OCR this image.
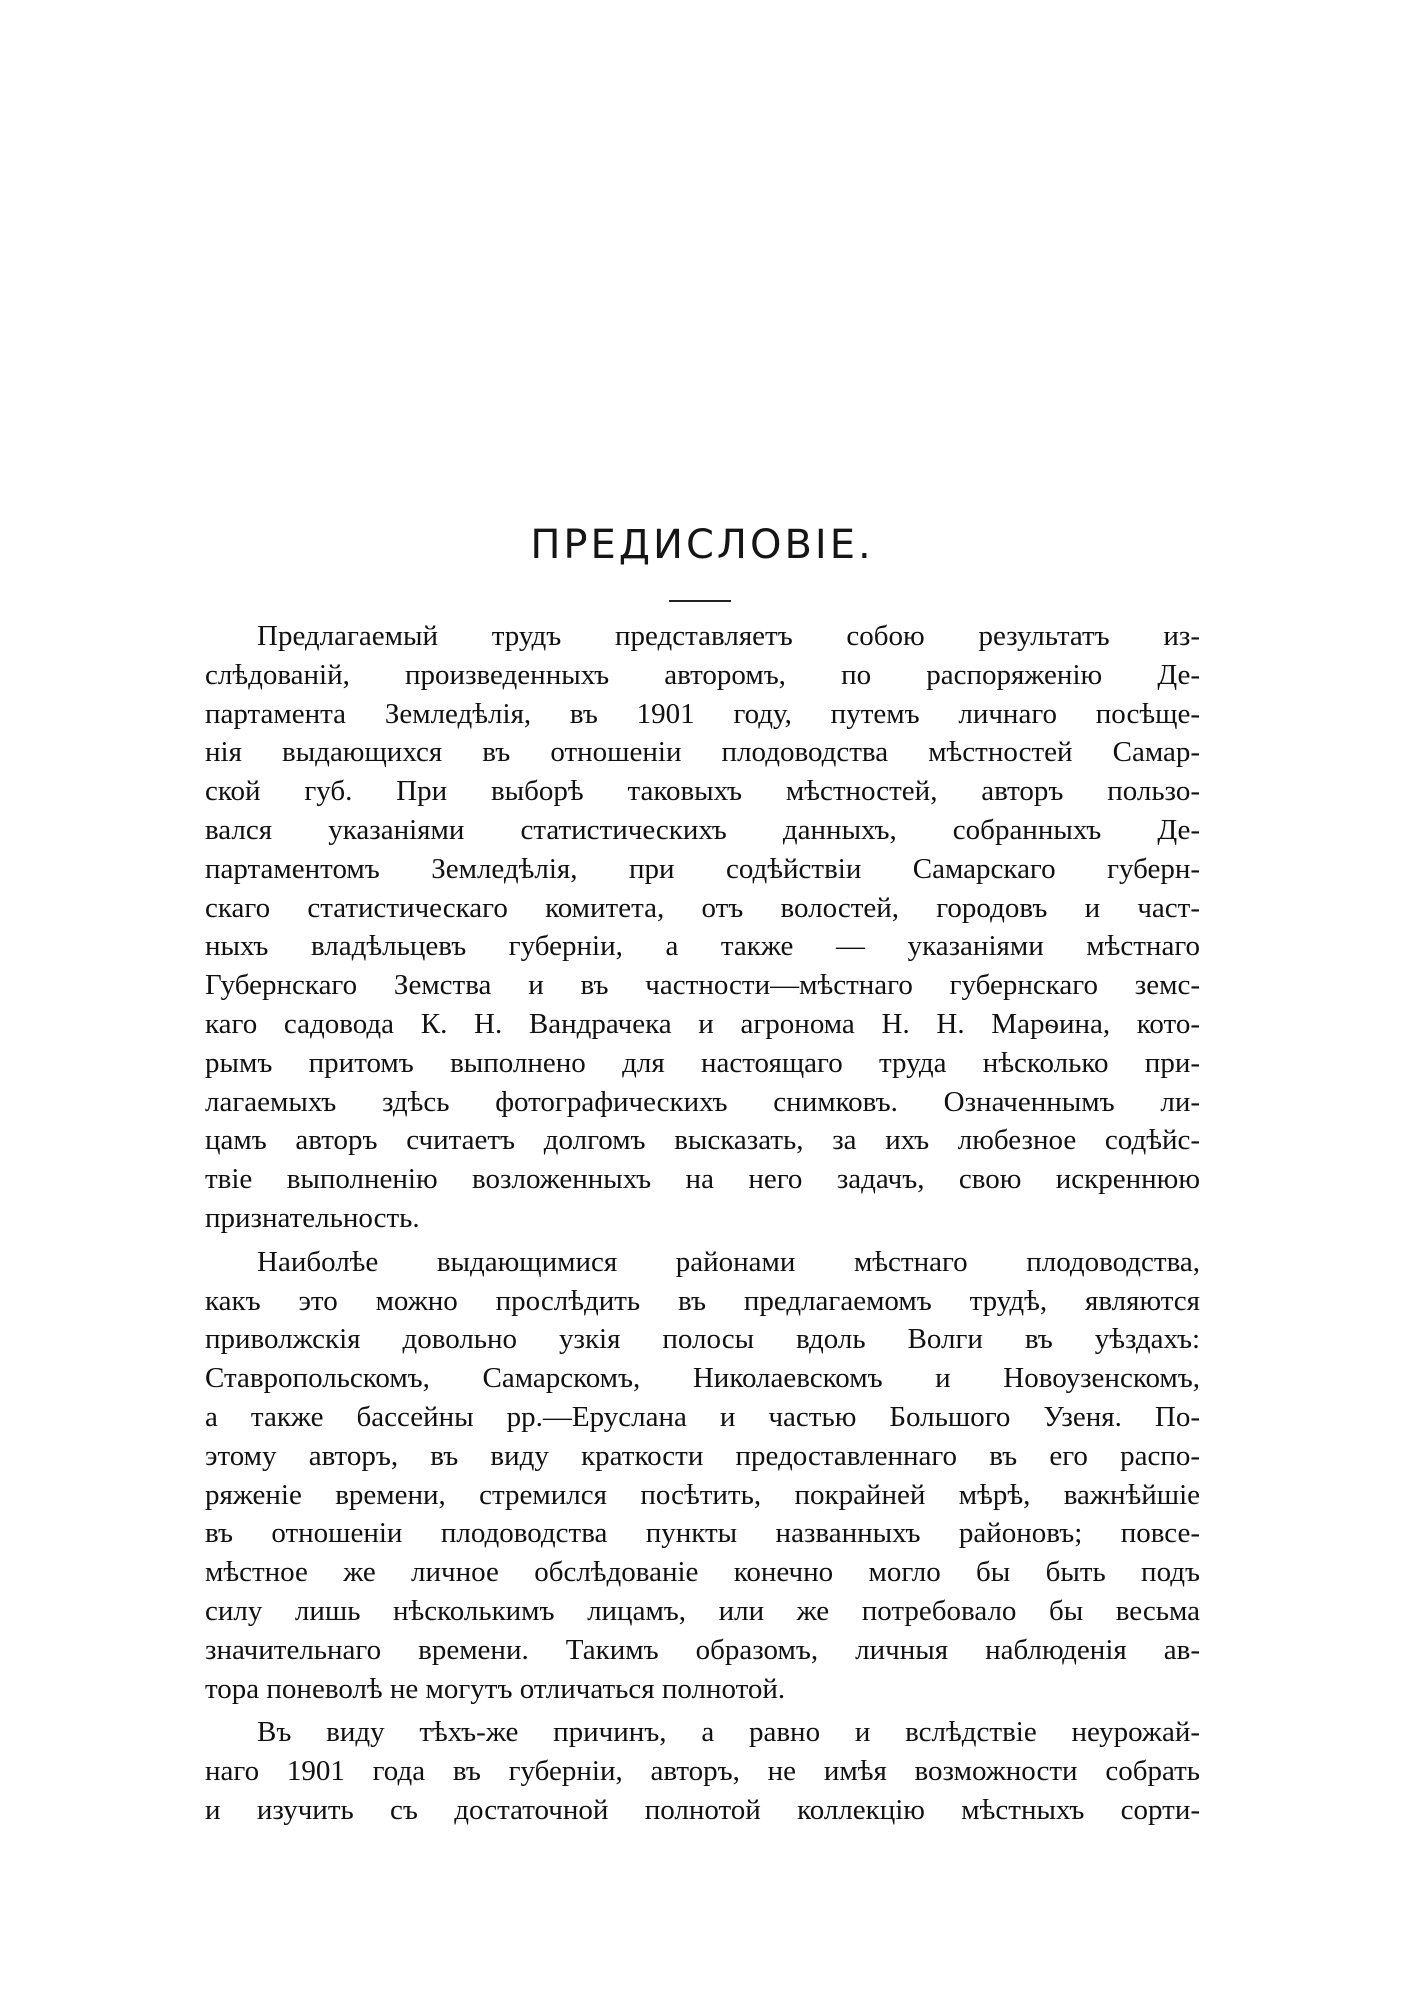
ПРЕДИСЛОВІЕ.
Предлагаемый трудъ представляетъ собою результатъ из-
слѣдованій, произведенныхъ авторомъ, по распоряженію Де-
партамента Земледѣлія, въ 1901 году, путемъ личнаго посѣще-
нія выдающихся въ отношеніи плодоводства мѣстностей Самар-
ской губ. При выборѣ таковыхъ мѣстностей, авторъ пользо-
вался указаніями статистическихъ данныхъ, собранныхъ Де-
партаментомъ Земледѣлія, при содѣйствіи Самарскаго губерн-
скаго статистическаго комитета, отъ волостей, городовъ и част-
ныхъ владѣльцевъ губерніи, а также — указаніями мѣстнаго
Губернскаго Земства и въ частности—мѣстнаго губернскаго земс-
каго садовода К. Н. Вандрачека и агронома Н. Н. Марѳина, кото-
рымъ притомъ выполнено для настоящаго труда нѣсколько при-
лагаемыхъ здѣсь фотографическихъ снимковъ. Означеннымъ ли-
цамъ авторъ считаетъ долгомъ высказать, за ихъ любезное содѣйс-
твіе выполненію возложенныхъ на него задачъ, свою искреннюю
признательность.
Наиболѣе выдающимися районами мѣстнаго плодоводства,
какъ это можно прослѣдить въ предлагаемомъ трудѣ, являются
приволжскія довольно узкія полосы вдоль Волги въ уѣздахъ:
Ставропольскомъ, Самарскомъ, Николаевскомъ и Новоузенскомъ,
а также бассейны рр.—Еруслана и частью Большого Узеня. По-
этому авторъ, въ виду краткости предоставленнаго въ его распо-
ряженіе времени, стремился посѣтить, покрайней мѣрѣ, важнѣйшіе
въ отношеніи плодоводства пункты названныхъ районовъ; повсе-
мѣстное же личное обслѣдованіе конечно могло бы быть подъ
силу лишь нѣсколькимъ лицамъ, или же потребовало бы весьма
значительнаго времени. Такимъ образомъ, личныя наблюденія ав-
тора поневолѣ не могутъ отличаться полнотой.
Въ виду тѣхъ-же причинъ, а равно и вслѣдствіе неурожай-
наго 1901 года въ губерніи, авторъ, не имѣя возможности собрать
и изучить съ достаточной полнотой коллекцію мѣстныхъ сорти-
